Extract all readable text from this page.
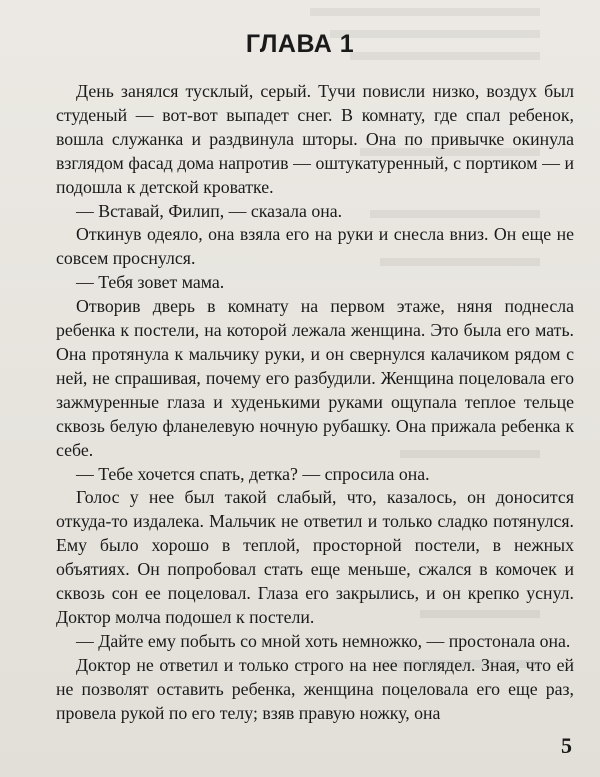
ГЛАВА 1

День занялся тусклый, серый. Тучи повисли низко, воздух был студеный — вот-вот выпадет снег. В комнату, где спал ребенок, вошла служанка и раздвинула шторы. Она по привычке окинула взглядом фасад дома напротив — оштукатуренный, с портиком — и подошла к детской кроватке.

— Вставай, Филип, — сказала она.

Откинув одеяло, она взяла его на руки и снесла вниз. Он еще не совсем проснулся.

— Тебя зовет мама.

Отворив дверь в комнату на первом этаже, няня поднесла ребенка к постели, на которой лежала женщина. Это была его мать. Она протянула к мальчику руки, и он свернулся калачиком рядом с ней, не спрашивая, почему его разбудили. Женщина поцеловала его зажмуренные глаза и худенькими руками ощупала теплое тельце сквозь белую фланелевую ночную рубашку. Она прижала ребенка к себе.

— Тебе хочется спать, детка? — спросила она.

Голос у нее был такой слабый, что, казалось, он доносится откуда-то издалека. Мальчик не ответил и только сладко потянулся. Ему было хорошо в теплой, просторной постели, в нежных объятиях. Он попробовал стать еще меньше, сжался в комочек и сквозь сон ее поцеловал. Глаза его закрылись, и он крепко уснул. Доктор молча подошел к постели.

— Дайте ему побыть со мной хоть немножко, — простонала она.

Доктор не ответил и только строго на нее поглядел. Зная, что ей не позволят оставить ребенка, женщина поцеловала его еще раз, провела рукой по его телу; взяв правую ножку, она

5
